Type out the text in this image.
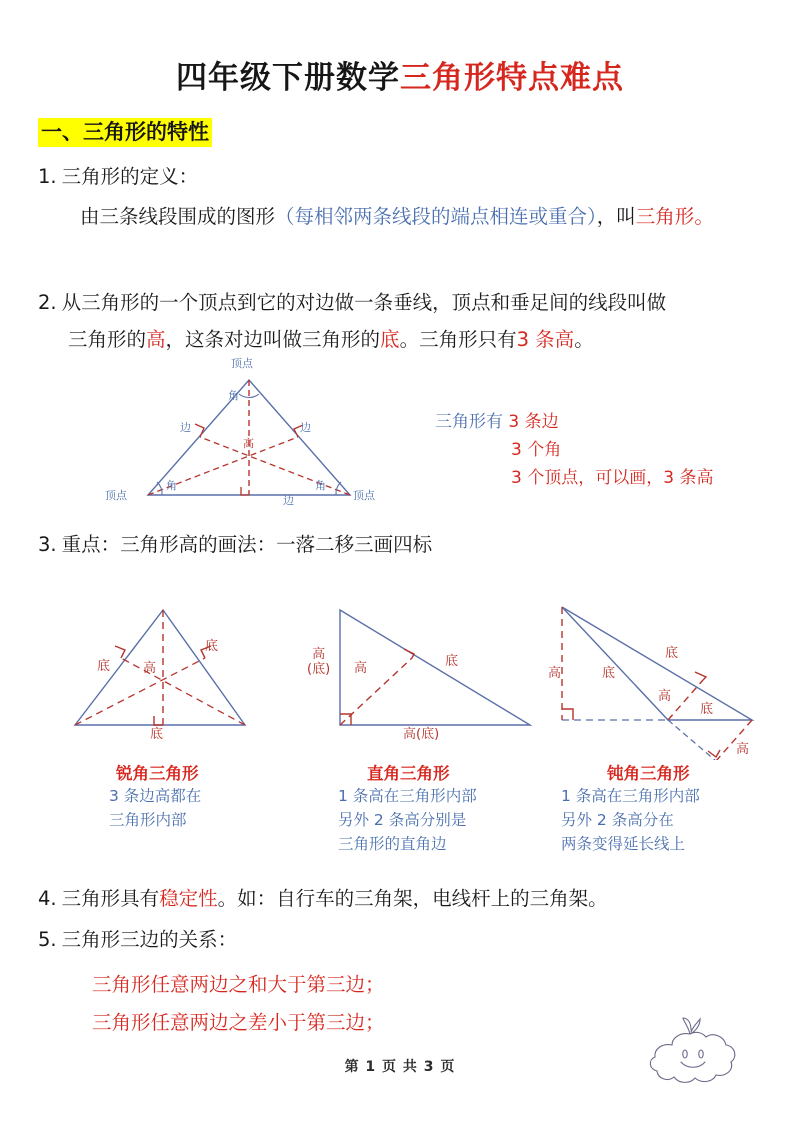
四年级下册数学三角形特点难点
一、三角形的特性
1. 三角形的定义：
由三条线段围成的图形（每相邻两条线段的端点相连或重合），叫三角形。
2. 从三角形的一个顶点到它的对边做一条垂线，顶点和垂足间的线段叫做
三角形的高，这条对边叫做三角形的底。三角形只有3 条高。
顶点
顶点	顶点
角
角	角
边	边
边
高
三角形有 3 条边
3 个角
3 个顶点，可以画，3 条高
3. 重点：三角形高的画法：一落二移三画四标
底
底
底
高
锐角三角形
3 条边高都在
三角形内部
高
(底) 高	底
高(底)
直角三角形
1 条高在三角形内部
另外 2 条高分别是
三角形的直角边
高	底
底
高
底
高
钝角三角形
1 条高在三角形内部
另外 2 条高分在
两条变得延长线上
4. 三角形具有稳定性。如：自行车的三角架，电线杆上的三角架。
5. 三角形三边的关系：
三角形任意两边之和大于第三边；
三角形任意两边之差小于第三边；
第 1 页 共 3 页
